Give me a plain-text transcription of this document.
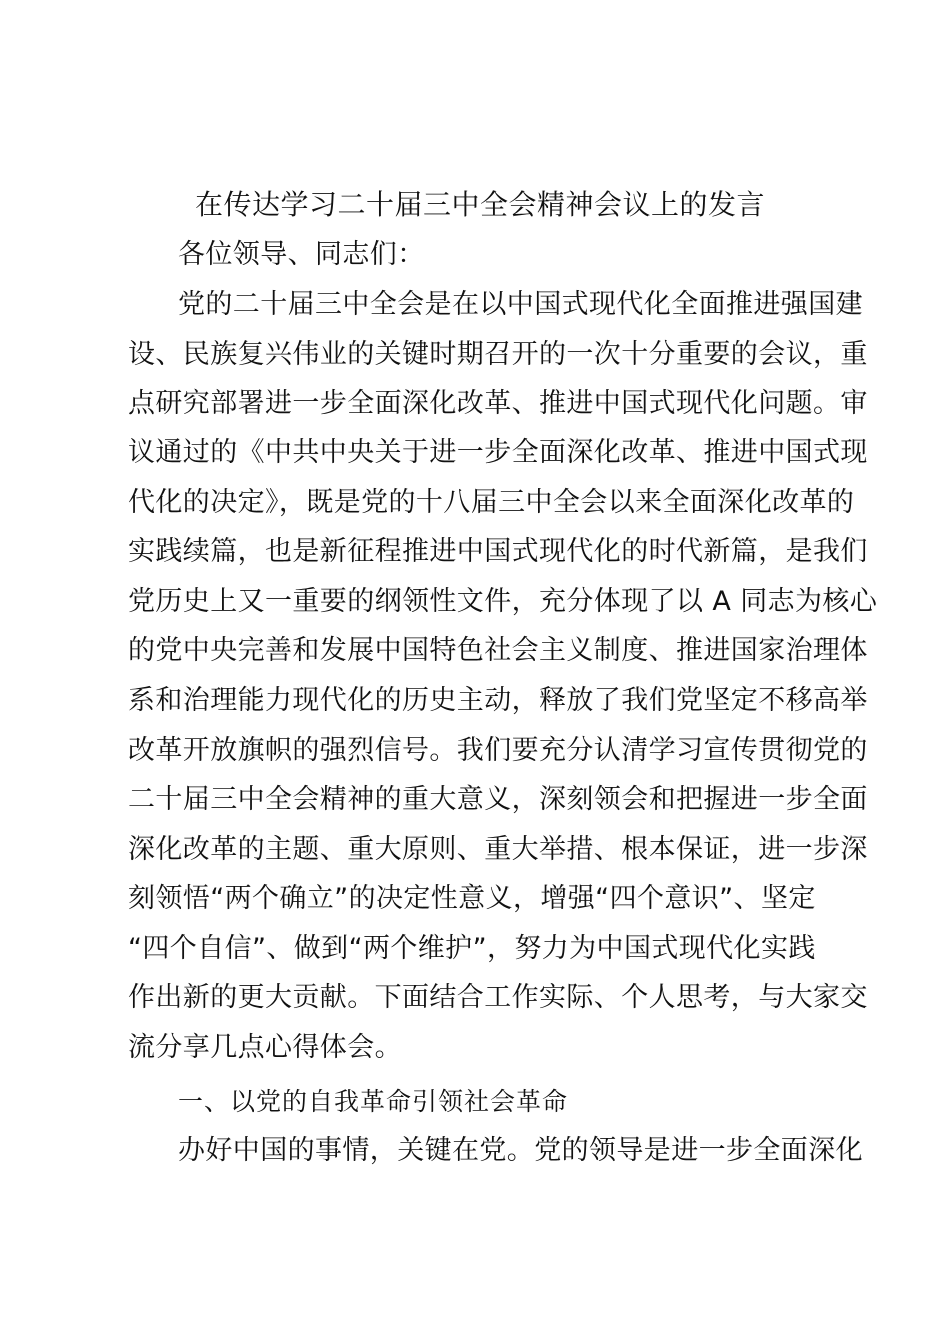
在传达学习二十届三中全会精神会议上的发言
各位领导、同志们：
党的二十届三中全会是在以中国式现代化全面推进强国建
设、民族复兴伟业的关键时期召开的一次十分重要的会议，重
点研究部署进一步全面深化改革、推进中国式现代化问题。审
议通过的《中共中央关于进一步全面深化改革、推进中国式现
代化的决定》，既是党的十八届三中全会以来全面深化改革的
实践续篇，也是新征程推进中国式现代化的时代新篇，是我们
党历史上又一重要的纲领性文件，充分体现了以 A 同志为核心
的党中央完善和发展中国特色社会主义制度、推进国家治理体
系和治理能力现代化的历史主动，释放了我们党坚定不移高举
改革开放旗帜的强烈信号。我们要充分认清学习宣传贯彻党的
二十届三中全会精神的重大意义，深刻领会和把握进一步全面
深化改革的主题、重大原则、重大举措、根本保证，进一步深
刻领悟“两个确立”的决定性意义，增强“四个意识”、坚定
“四个自信”、做到“两个维护”，努力为中国式现代化实践
作出新的更大贡献。下面结合工作实际、个人思考，与大家交
流分享几点心得体会。
一、以党的自我革命引领社会革命
办好中国的事情，关键在党。党的领导是进一步全面深化
